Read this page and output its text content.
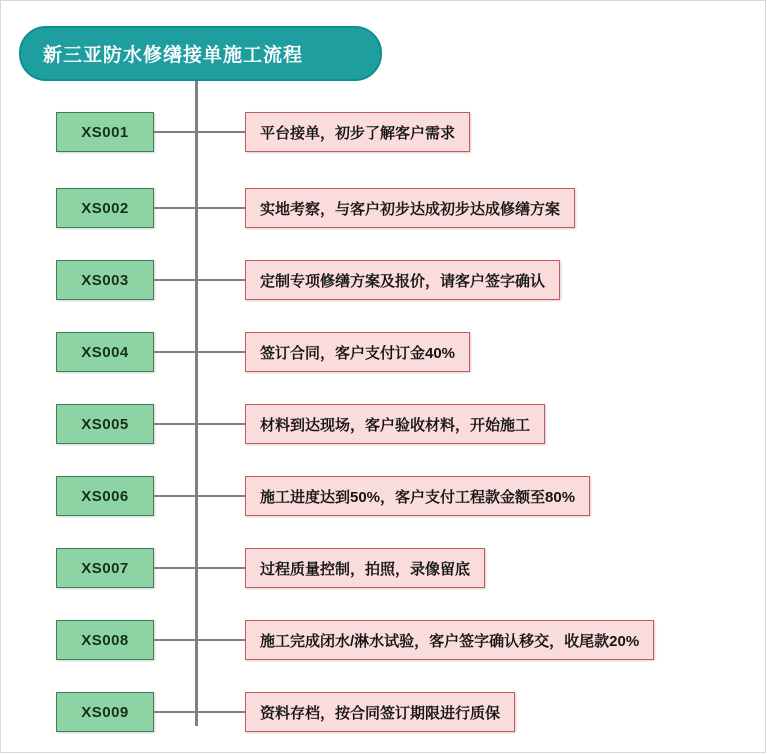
新三亚防水修缮接单施工流程
XS001	平台接单，初步了解客户需求
XS002	实地考察，与客户初步达成初步达成修缮方案
XS003	定制专项修缮方案及报价，请客户签字确认
XS004	签订合同，客户支付订金40%
XS005	材料到达现场，客户验收材料，开始施工
XS006	施工进度达到50%，客户支付工程款金额至80%
XS007	过程质量控制，拍照，录像留底
XS008	施工完成闭水/淋水试验，客户签字确认移交，收尾款20%
XS009	资料存档，按合同签订期限进行质保
